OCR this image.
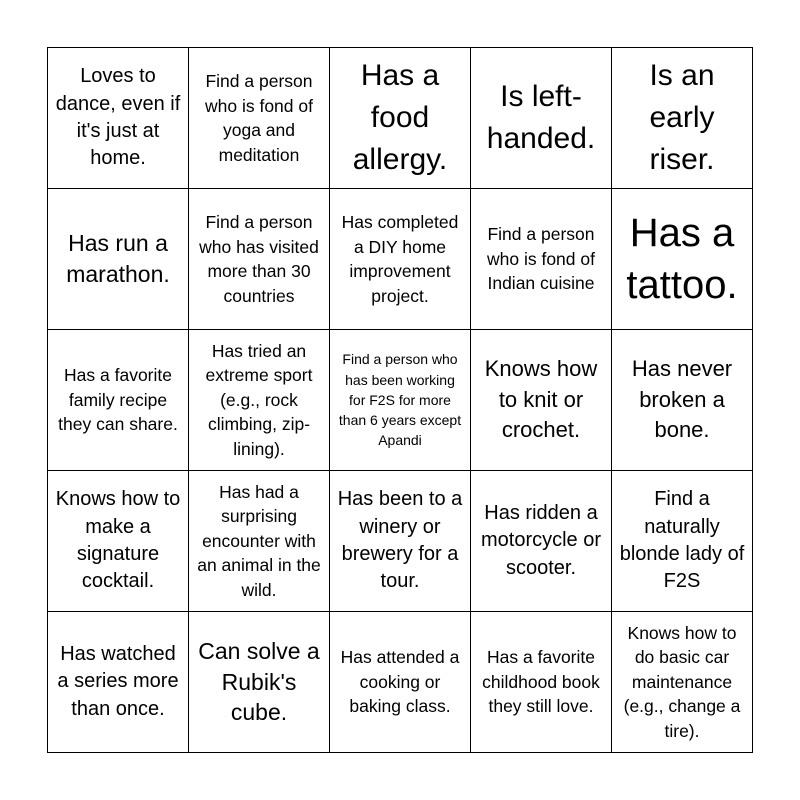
Loves to dance, even if it's just at home.
Find a person who is fond of yoga and meditation
Has a food allergy.
Is left-handed.
Is an early riser.
Has run a marathon.
Find a person who has visited more than 30 countries
Has completed a DIY home improvement project.
Find a person who is fond of Indian cuisine
Has a tattoo.
Has a favorite family recipe they can share.
Has tried an extreme sport (e.g., rock climbing, zip-lining).
Find a person who has been working for F2S for more than 6 years except Apandi
Knows how to knit or crochet.
Has never broken a bone.
Knows how to make a signature cocktail.
Has had a surprising encounter with an animal in the wild.
Has been to a winery or brewery for a tour.
Has ridden a motorcycle or scooter.
Find a naturally blonde lady of F2S
Has watched a series more than once.
Can solve a Rubik's cube.
Has attended a cooking or baking class.
Has a favorite childhood book they still love.
Knows how to do basic car maintenance (e.g., change a tire).
